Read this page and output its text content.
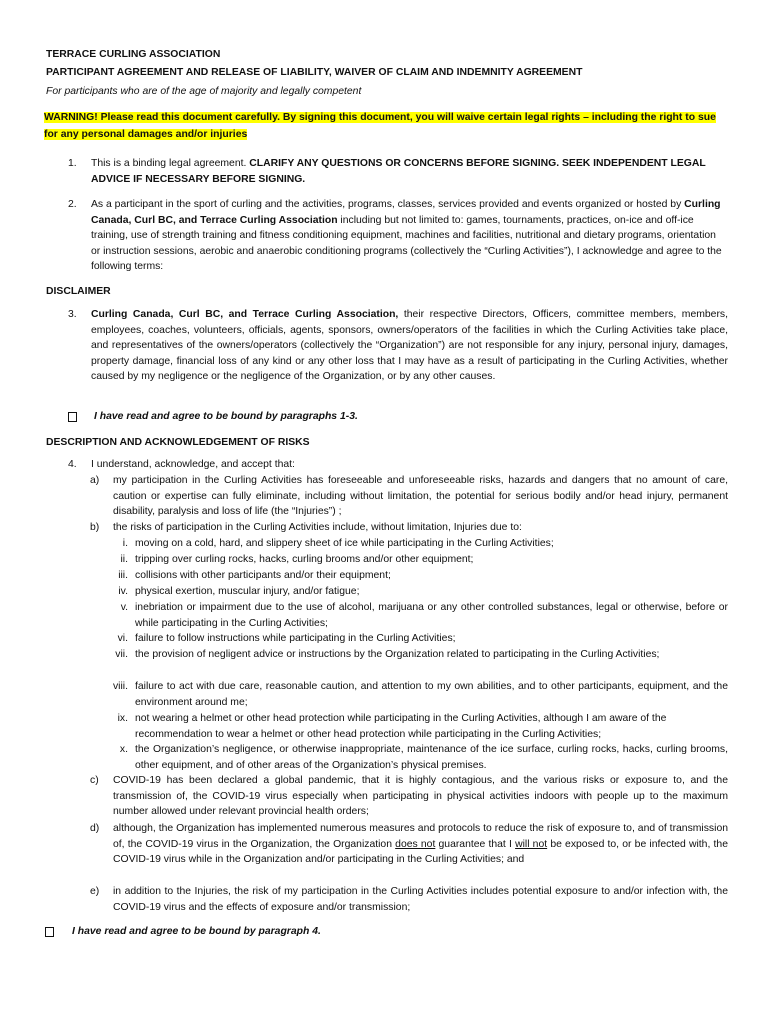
TERRACE CURLING ASSOCIATION
PARTICIPANT AGREEMENT AND RELEASE OF LIABILITY, WAIVER OF CLAIM AND INDEMNITY AGREEMENT
For participants who are of the age of majority and legally competent
WARNING! Please read this document carefully. By signing this document, you will waive certain legal rights – including the right to sue for any personal damages and/or injuries
1. This is a binding legal agreement. CLARIFY ANY QUESTIONS OR CONCERNS BEFORE SIGNING. SEEK INDEPENDENT LEGAL ADVICE IF NECESSARY BEFORE SIGNING.
2. As a participant in the sport of curling and the activities, programs, classes, services provided and events organized or hosted by Curling Canada, Curl BC, and Terrace Curling Association including but not limited to: games, tournaments, practices, on-ice and off-ice training, use of strength training and fitness conditioning equipment, machines and facilities, nutritional and dietary programs, orientation or instruction sessions, aerobic and anaerobic conditioning programs (collectively the “Curling Activities”), I acknowledge and agree to the following terms:
DISCLAIMER
3. Curling Canada, Curl BC, and Terrace Curling Association, their respective Directors, Officers, committee members, members, employees, coaches, volunteers, officials, agents, sponsors, owners/operators of the facilities in which the Curling Activities take place, and representatives of the owners/operators (collectively the “Organization”) are not responsible for any injury, personal injury, damages, property damage, financial loss of any kind or any other loss that I may have as a result of participating in the Curling Activities, whether caused by my negligence or the negligence of the Organization, or by any other causes.
I have read and agree to be bound by paragraphs 1-3.
DESCRIPTION AND ACKNOWLEDGEMENT OF RISKS
4. I understand, acknowledge, and accept that:
a) my participation in the Curling Activities has foreseeable and unforeseeable risks, hazards and dangers that no amount of care, caution or expertise can fully eliminate, including without limitation, the potential for serious bodily and/or head injury, permanent disability, paralysis and loss of life (the “Injuries”) ;
b) the risks of participation in the Curling Activities include, without limitation, Injuries due to:
i. moving on a cold, hard, and slippery sheet of ice while participating in the Curling Activities;
ii. tripping over curling rocks, hacks, curling brooms and/or other equipment;
iii. collisions with other participants and/or their equipment;
iv. physical exertion, muscular injury, and/or fatigue;
v. inebriation or impairment due to the use of alcohol, marijuana or any other controlled substances, legal or otherwise, before or while participating in the Curling Activities;
vi. failure to follow instructions while participating in the Curling Activities;
vii. the provision of negligent advice or instructions by the Organization related to participating in the Curling Activities;
viii. failure to act with due care, reasonable caution, and attention to my own abilities, and to other participants, equipment, and the environment around me;
ix. not wearing a helmet or other head protection while participating in the Curling Activities, although I am aware of the recommendation to wear a helmet or other head protection while participating in the Curling Activities;
x. the Organization’s negligence, or otherwise inappropriate, maintenance of the ice surface, curling rocks, hacks, curling brooms, other equipment, and of other areas of the Organization’s physical premises.
c) COVID-19 has been declared a global pandemic, that it is highly contagious, and the various risks or exposure to, and the transmission of, the COVID-19 virus especially when participating in physical activities indoors with people up to the maximum number allowed under relevant provincial health orders;
d) although, the Organization has implemented numerous measures and protocols to reduce the risk of exposure to, and of transmission of, the COVID-19 virus in the Organization, the Organization does not guarantee that I will not be exposed to, or be infected with, the COVID-19 virus while in the Organization and/or participating in the Curling Activities; and
e) in addition to the Injuries, the risk of my participation in the Curling Activities includes potential exposure to and/or infection with, the COVID-19 virus and the effects of exposure and/or transmission;
I have read and agree to be bound by paragraph 4.
